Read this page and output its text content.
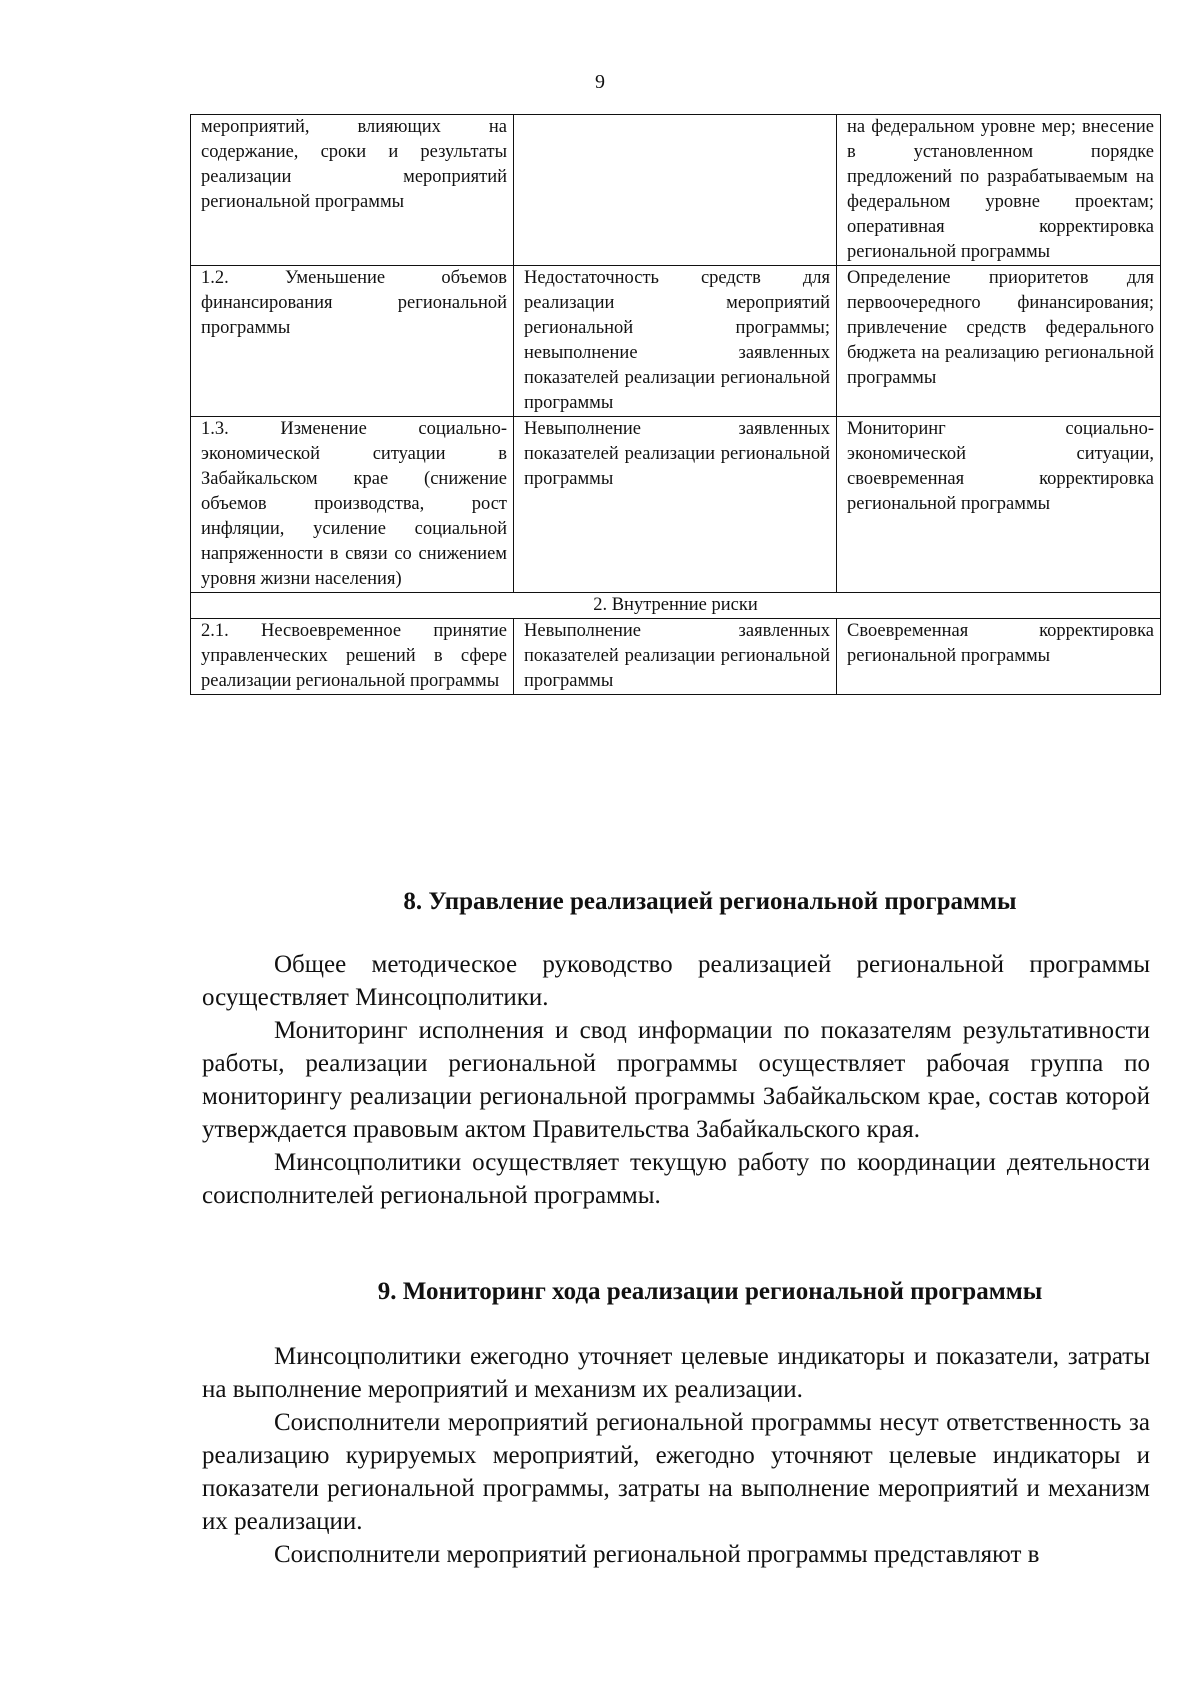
9
мероприятий, влияющих на содержание, сроки и результаты реализации мероприятий региональной программы		на федеральном уровне мер; внесение в установленном порядке предложений по разрабатываемым на федеральном уровне проектам; оперативная корректировка региональной программы
1.2. Уменьшение объемов финансирования региональной программы	Недостаточность средств для реализации мероприятий региональной программы; невыполнение заявленных показателей реализации региональной программы	Определение приоритетов для первоочередного финансирования; привлечение средств федерального бюджета на реализацию региональной программы
1.3. Изменение социально-экономической ситуации в Забайкальском крае (снижение объемов производства, рост инфляции, усиление социальной напряженности в связи со снижением уровня жизни населения)	Невыполнение заявленных показателей реализации региональной программы	Мониторинг социально-экономической ситуации, своевременная корректировка региональной программы
2. Внутренние риски		
2.1. Несвоевременное принятие управленческих решений в сфере реализации региональной программы	Невыполнение заявленных показателей реализации региональной программы	Своевременная корректировка региональной программы
8. Управление реализацией региональной программы

Общее методическое руководство реализацией региональной программы осуществляет Минсоцполитики.

Мониторинг исполнения и свод информации по показателям результативности работы, реализации региональной программы осуществляет рабочая группа по мониторингу реализации региональной программы Забайкальском крае, состав которой утверждается правовым актом Правительства Забайкальского края.

Минсоцполитики осуществляет текущую работу по координации деятельности соисполнителей региональной программы.

9. Мониторинг хода реализации региональной программы

Минсоцполитики ежегодно уточняет целевые индикаторы и показатели, затраты на выполнение мероприятий и механизм их реализации.

Соисполнители мероприятий региональной программы несут ответственность за реализацию курируемых мероприятий, ежегодно уточняют целевые индикаторы и показатели региональной программы, затраты на выполнение мероприятий и механизм их реализации.

Соисполнители мероприятий региональной программы представляют в
